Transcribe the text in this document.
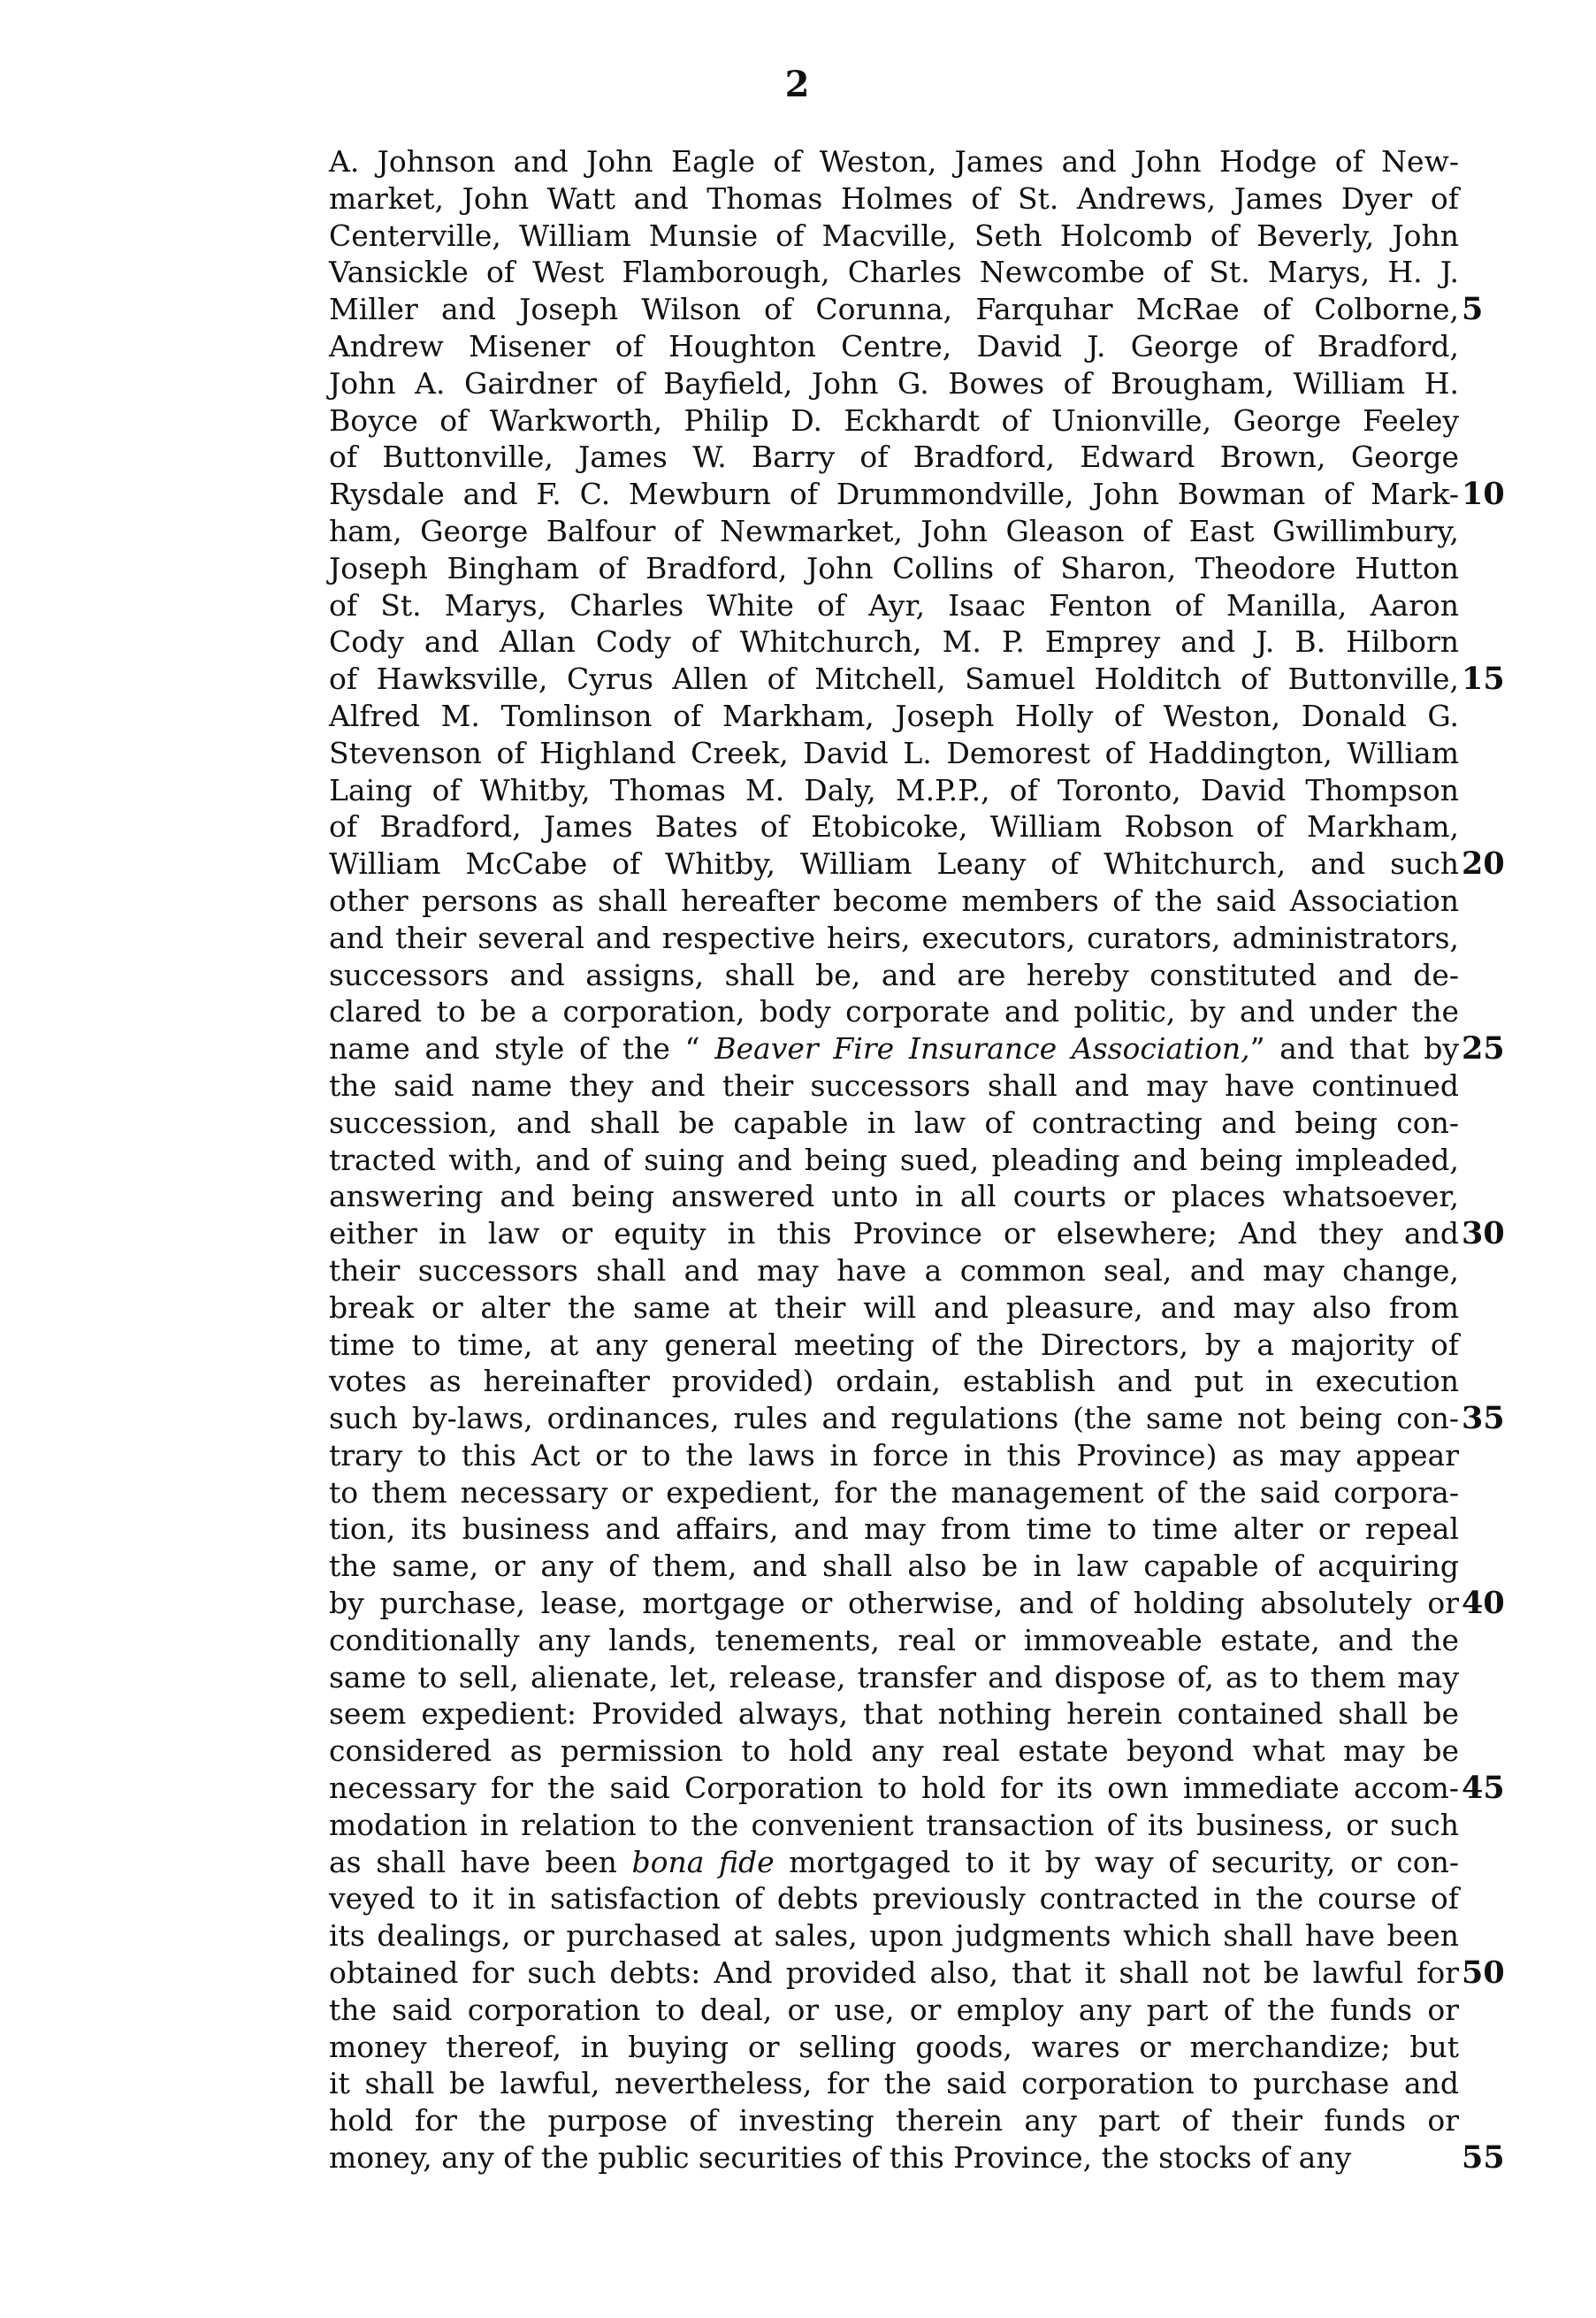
2
A. Johnson and John Eagle of Weston, James and John Hodge of New-
market, John Watt and Thomas Holmes of St. Andrews, James Dyer of
Centerville, William Munsie of Macville, Seth Holcomb of Beverly, John
Vansickle of West Flamborough, Charles Newcombe of St. Marys, H. J.
Miller and Joseph Wilson of Corunna, Farquhar McRae of Colborne,
Andrew Misener of Houghton Centre, David J. George of Bradford,
John A. Gairdner of Bayfield, John G. Bowes of Brougham, William H.
Boyce of Warkworth, Philip D. Eckhardt of Unionville, George Feeley
of Buttonville, James W. Barry of Bradford, Edward Brown, George
Rysdale and F. C. Mewburn of Drummondville, John Bowman of Mark-
ham, George Balfour of Newmarket, John Gleason of East Gwillimbury,
Joseph Bingham of Bradford, John Collins of Sharon, Theodore Hutton
of St. Marys, Charles White of Ayr, Isaac Fenton of Manilla, Aaron
Cody and Allan Cody of Whitchurch, M. P. Emprey and J. B. Hilborn
of Hawksville, Cyrus Allen of Mitchell, Samuel Holditch of Buttonville,
Alfred M. Tomlinson of Markham, Joseph Holly of Weston, Donald G.
Stevenson of Highland Creek, David L. Demorest of Haddington, William
Laing of Whitby, Thomas M. Daly, M.P.P., of Toronto, David Thompson
of Bradford, James Bates of Etobicoke, William Robson of Markham,
William McCabe of Whitby, William Leany of Whitchurch, and such
other persons as shall hereafter become members of the said Association
and their several and respective heirs, executors, curators, administrators,
successors and assigns, shall be, and are hereby constituted and de-
clared to be a corporation, body corporate and politic, by and under the
name and style of the “ Beaver Fire Insurance Association,” and that by
the said name they and their successors shall and may have continued
succession, and shall be capable in law of contracting and being con-
tracted with, and of suing and being sued, pleading and being impleaded,
answering and being answered unto in all courts or places whatsoever,
either in law or equity in this Province or elsewhere; And they and
their successors shall and may have a common seal, and may change,
break or alter the same at their will and pleasure, and may also from
time to time, at any general meeting of the Directors, by a majority of
votes as hereinafter provided) ordain, establish and put in execution
such by-laws, ordinances, rules and regulations (the same not being con-
trary to this Act or to the laws in force in this Province) as may appear
to them necessary or expedient, for the management of the said corpora-
tion, its business and affairs, and may from time to time alter or repeal
the same, or any of them, and shall also be in law capable of acquiring
by purchase, lease, mortgage or otherwise, and of holding absolutely or
conditionally any lands, tenements, real or immoveable estate, and the
same to sell, alienate, let, release, transfer and dispose of, as to them may
seem expedient: Provided always, that nothing herein contained shall be
considered as permission to hold any real estate beyond what may be
necessary for the said Corporation to hold for its own immediate accom-
modation in relation to the convenient transaction of its business, or such
as shall have been bona fide mortgaged to it by way of security, or con-
veyed to it in satisfaction of debts previously contracted in the course of
its dealings, or purchased at sales, upon judgments which shall have been
obtained for such debts: And provided also, that it shall not be lawful for
the said corporation to deal, or use, or employ any part of the funds or
money thereof, in buying or selling goods, wares or merchandize; but
it shall be lawful, nevertheless, for the said corporation to purchase and
hold for the purpose of investing therein any part of their funds or
money, any of the public securities of this Province, the stocks of any
5
10
15
20
25
30
35
40
45
50
55
